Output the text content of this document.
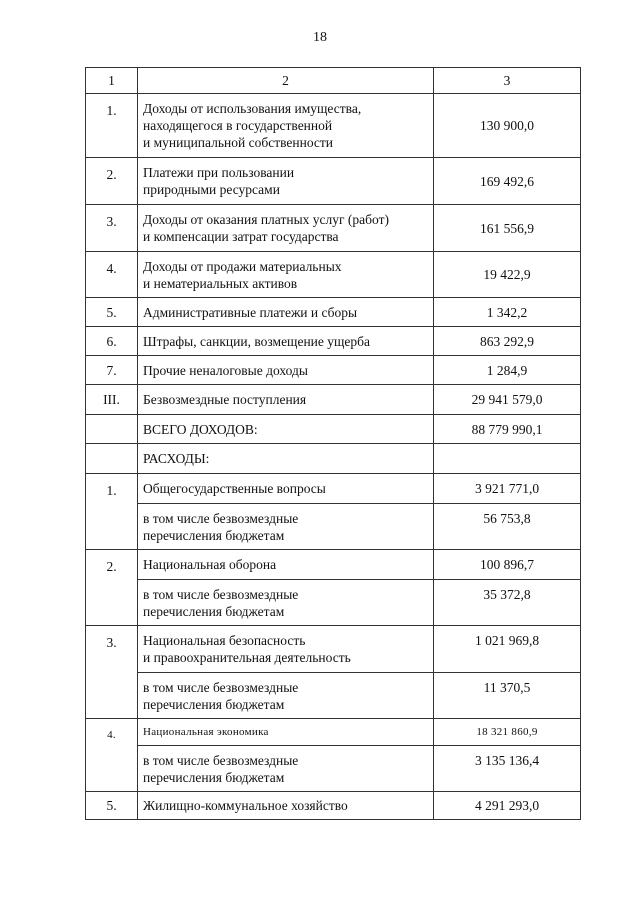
18
1	2	3
1.	Доходы от использования имущества,
находящегося в государственной
и муниципальной собственности	130 900,0
2.	Платежи при пользовании
природными ресурсами	169 492,6
3.	Доходы от оказания платных услуг (работ)
и компенсации затрат государства	161 556,9
4.	Доходы от продажи материальных
и нематериальных активов	19 422,9
5.	Административные платежи и сборы	1 342,2
6.	Штрафы, санкции, возмещение ущерба	863 292,9
7.	Прочие неналоговые доходы	1 284,9
III.	Безвозмездные поступления	29 941 579,0
	ВСЕГО ДОХОДОВ:	88 779 990,1
	РАСХОДЫ:	
1.	Общегосударственные вопросы	3 921 771,0
	в том числе безвозмездные
перечисления бюджетам	56 753,8
2.	Национальная оборона	100 896,7
	в том числе безвозмездные
перечисления бюджетам	35 372,8
3.	Национальная безопасность
и правоохранительная деятельность	1 021 969,8
	в том числе безвозмездные
перечисления бюджетам	11 370,5
4.	Национальная экономика	18 321 860,9
	в том числе безвозмездные
перечисления бюджетам	3 135 136,4
5.	Жилищно-коммунальное хозяйство	4 291 293,0
